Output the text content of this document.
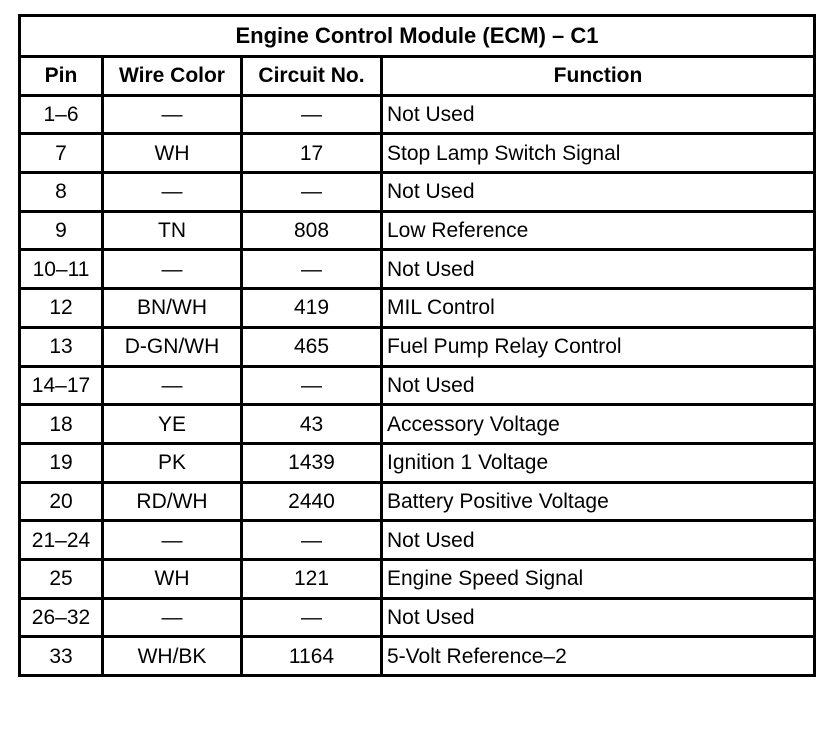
Engine Control Module (ECM) – C1			
Pin	Wire Color	Circuit No.	Function
1–6	—	—	Not Used
7	WH	17	Stop Lamp Switch Signal
8	—	—	Not Used
9	TN	808	Low Reference
10–11	—	—	Not Used
12	BN/WH	419	MIL Control
13	D-GN/WH	465	Fuel Pump Relay Control
14–17	—	—	Not Used
18	YE	43	Accessory Voltage
19	PK	1439	Ignition 1 Voltage
20	RD/WH	2440	Battery Positive Voltage
21–24	—	—	Not Used
25	WH	121	Engine Speed Signal
26–32	—	—	Not Used
33	WH/BK	1164	5-Volt Reference–2
